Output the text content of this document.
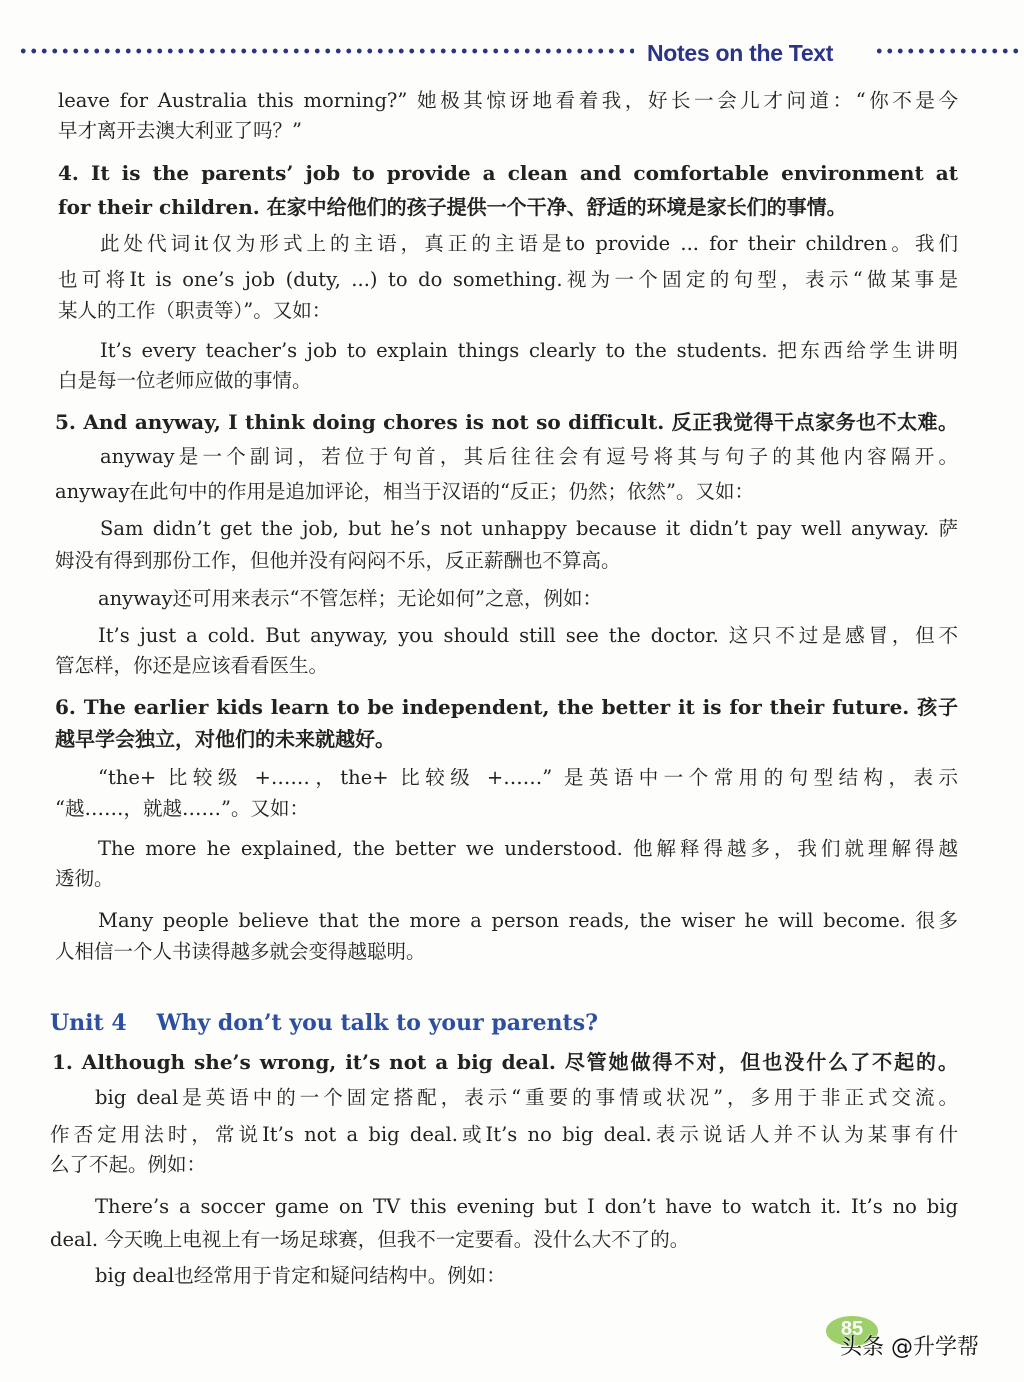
Notes on the Text
leave for Australia this morning?” 她极其惊讶地看着我，好长一会儿才问道：“你不是今
早才离开去澳大利亚了吗？”
4. It is the parents’ job to provide a clean and comfortable environment at
for their children. 在家中给他们的孩子提供一个干净、舒适的环境是家长们的事情。
此处代词it仅为形式上的主语，真正的主语是to provide ... for their children。我们
也可将It is one’s job (duty, ...) to do something.视为一个固定的句型，表示“做某事是
某人的工作（职责等）”。又如：
It’s every teacher’s job to explain things clearly to the students. 把东西给学生讲明
白是每一位老师应做的事情。
5. And anyway, I think doing chores is not so difficult. 反正我觉得干点家务也不太难。
anyway是一个副词，若位于句首，其后往往会有逗号将其与句子的其他内容隔开。
anyway在此句中的作用是追加评论，相当于汉语的“反正；仍然；依然”。又如：
Sam didn’t get the job, but he’s not unhappy because it didn’t pay well anyway. 萨
姆没有得到那份工作，但他并没有闷闷不乐，反正薪酬也不算高。
anyway还可用来表示“不管怎样；无论如何”之意，例如：
It’s just a cold. But anyway, you should still see the doctor. 这只不过是感冒，但不
管怎样，你还是应该看看医生。
6. The earlier kids learn to be independent, the better it is for their future. 孩子
越早学会独立，对他们的未来就越好。
“the+ 比较级 +……，the+ 比较级 +……” 是英语中一个常用的句型结构，表示
“越……，就越……”。又如：
The more he explained, the better we understood. 他解释得越多，我们就理解得越
透彻。
Many people believe that the more a person reads, the wiser he will become. 很多
人相信一个人书读得越多就会变得越聪明。
1. Although she’s wrong, it’s not a big deal. 尽管她做得不对，但也没什么了不起的。
big deal是英语中的一个固定搭配，表示“重要的事情或状况”，多用于非正式交流。
作否定用法时，常说It’s not a big deal.或It’s no big deal.表示说话人并不认为某事有什
么了不起。例如：
There’s a soccer game on TV this evening but I don’t have to watch it. It’s no big
deal. 今天晚上电视上有一场足球赛，但我不一定要看。没什么大不了的。
big deal也经常用于肯定和疑问结构中。例如：
Unit 4 Why don’t you talk to your parents?
85
头条 @升学帮
